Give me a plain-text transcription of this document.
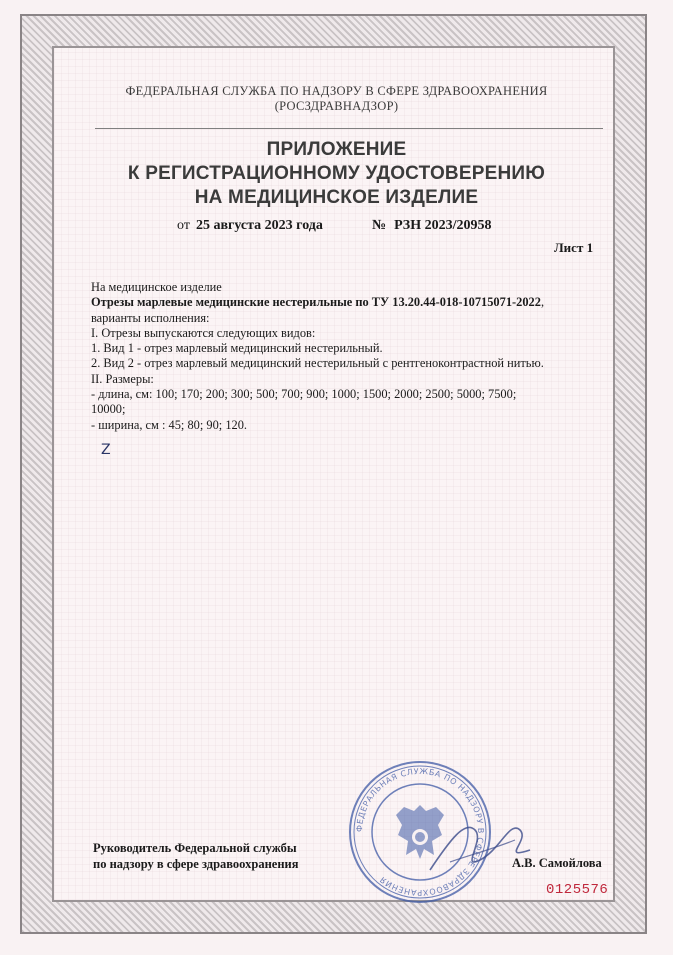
ФЕДЕРАЛЬНАЯ СЛУЖБА ПО НАДЗОРУ В СФЕРЕ ЗДРАВООХРАНЕНИЯ
(РОСЗДРАВНАДЗОР)
ПРИЛОЖЕНИЕ
К РЕГИСТРАЦИОННОМУ УДОСТОВЕРЕНИЮ
НА МЕДИЦИНСКОЕ ИЗДЕЛИЕ
от 25 августа 2023 года	№ РЗН 2023/20958
Лист 1
На медицинское изделие
Отрезы марлевые медицинские нестерильные по ТУ 13.20.44-018-10715071-2022,
варианты исполнения:
I. Отрезы выпускаются следующих видов:
1. Вид 1 - отрез марлевый медицинский нестерильный.
2. Вид 2 - отрез марлевый медицинский нестерильный с рентгеноконтрастной нитью.
II. Размеры:
- длина, см: 100; 170; 200; 300; 500; 700; 900; 1000; 1500; 2000; 2500; 5000; 7500;
10000;
- ширина, см : 45; 80; 90; 120.
Z
Руководитель Федеральной службы
по надзору в сфере здравоохранения	А.В. Самойлова
0125576
ФЕДЕРАЛЬНАЯ СЛУЖБА ПО НАДЗОРУ В СФЕРЕ ЗДРАВООХРАНЕНИЯ
